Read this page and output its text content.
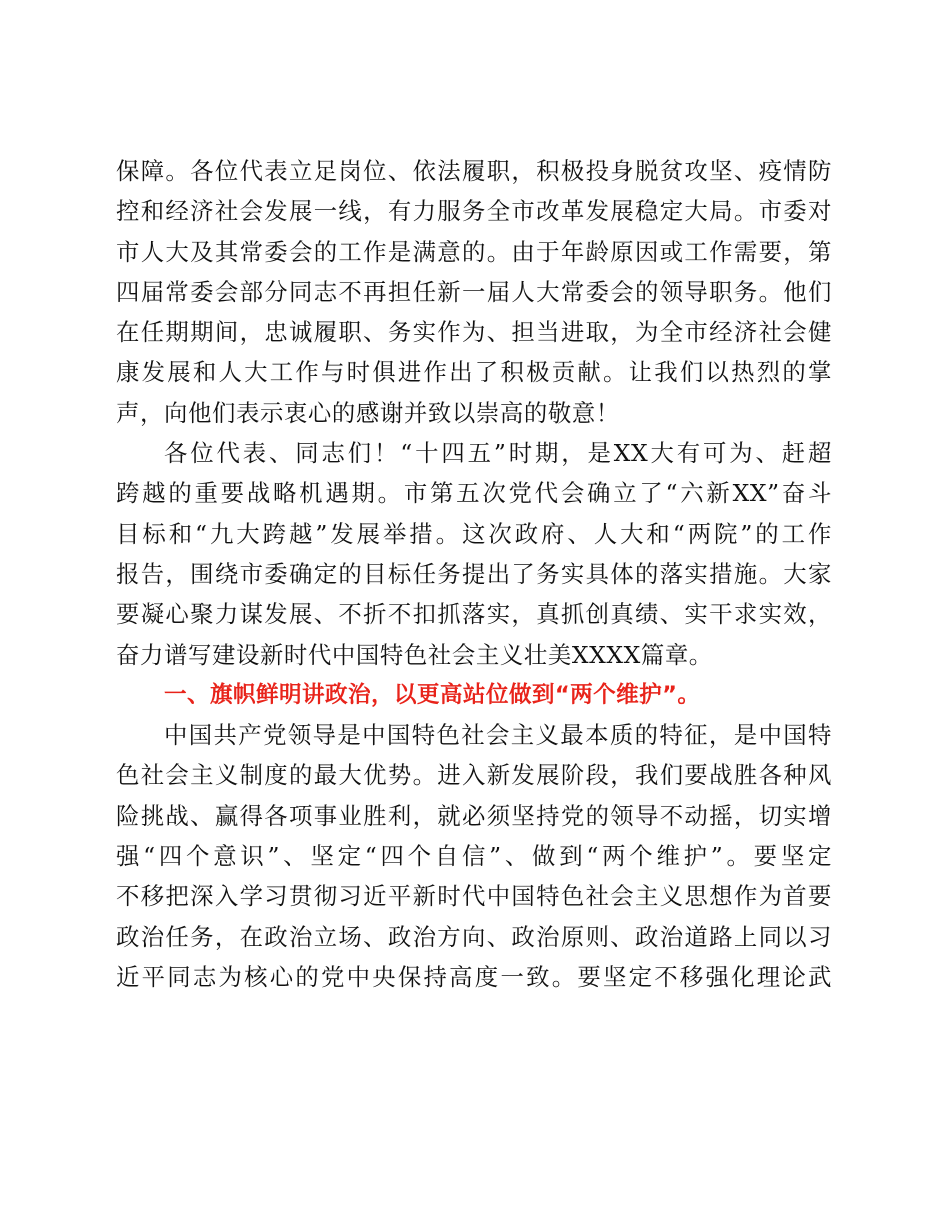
保障。各位代表立足岗位、依法履职，积极投身脱贫攻坚、疫情防
控和经济社会发展一线，有力服务全市改革发展稳定大局。市委对
市人大及其常委会的工作是满意的。由于年龄原因或工作需要，第
四届常委会部分同志不再担任新一届人大常委会的领导职务。他们
在任期期间，忠诚履职、务实作为、担当进取，为全市经济社会健
康发展和人大工作与时俱进作出了积极贡献。让我们以热烈的掌
声，向他们表示衷心的感谢并致以崇高的敬意！
各位代表、同志们！“十四五”时期，是XX大有可为、赶超
跨越的重要战略机遇期。市第五次党代会确立了“六新XX”奋斗
目标和“九大跨越”发展举措。这次政府、人大和“两院”的工作
报告，围绕市委确定的目标任务提出了务实具体的落实措施。大家
要凝心聚力谋发展、不折不扣抓落实，真抓创真绩、实干求实效，
奋力谱写建设新时代中国特色社会主义壮美XXXX篇章。
一、旗帜鲜明讲政治，以更高站位做到“两个维护”。
中国共产党领导是中国特色社会主义最本质的特征，是中国特
色社会主义制度的最大优势。进入新发展阶段，我们要战胜各种风
险挑战、赢得各项事业胜利，就必须坚持党的领导不动摇，切实增
强“四个意识”、坚定“四个自信”、做到“两个维护”。要坚定
不移把深入学习贯彻习近平新时代中国特色社会主义思想作为首要
政治任务，在政治立场、政治方向、政治原则、政治道路上同以习
近平同志为核心的党中央保持高度一致。要坚定不移强化理论武
